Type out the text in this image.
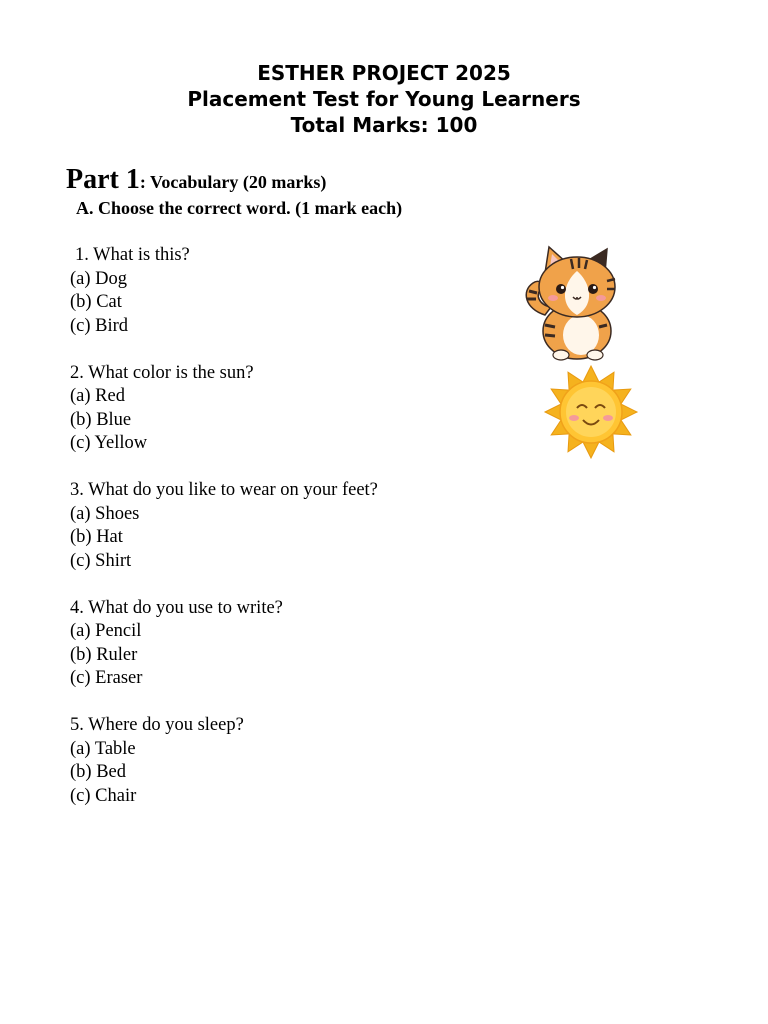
ESTHER PROJECT 2025
Placement Test for Young Learners
Total Marks: 100
Part 1: Vocabulary (20 marks)
A. Choose the correct word. (1 mark each)
1. What is this?
(a) Dog
(b) Cat
(c) Bird
2. What color is the sun?
(a) Red
(b) Blue
(c) Yellow
3. What do you like to wear on your feet?
(a) Shoes
(b) Hat
(c) Shirt
4. What do you use to write?
(a) Pencil
(b) Ruler
(c) Eraser
5. Where do you sleep?
(a) Table
(b) Bed
(c) Chair
